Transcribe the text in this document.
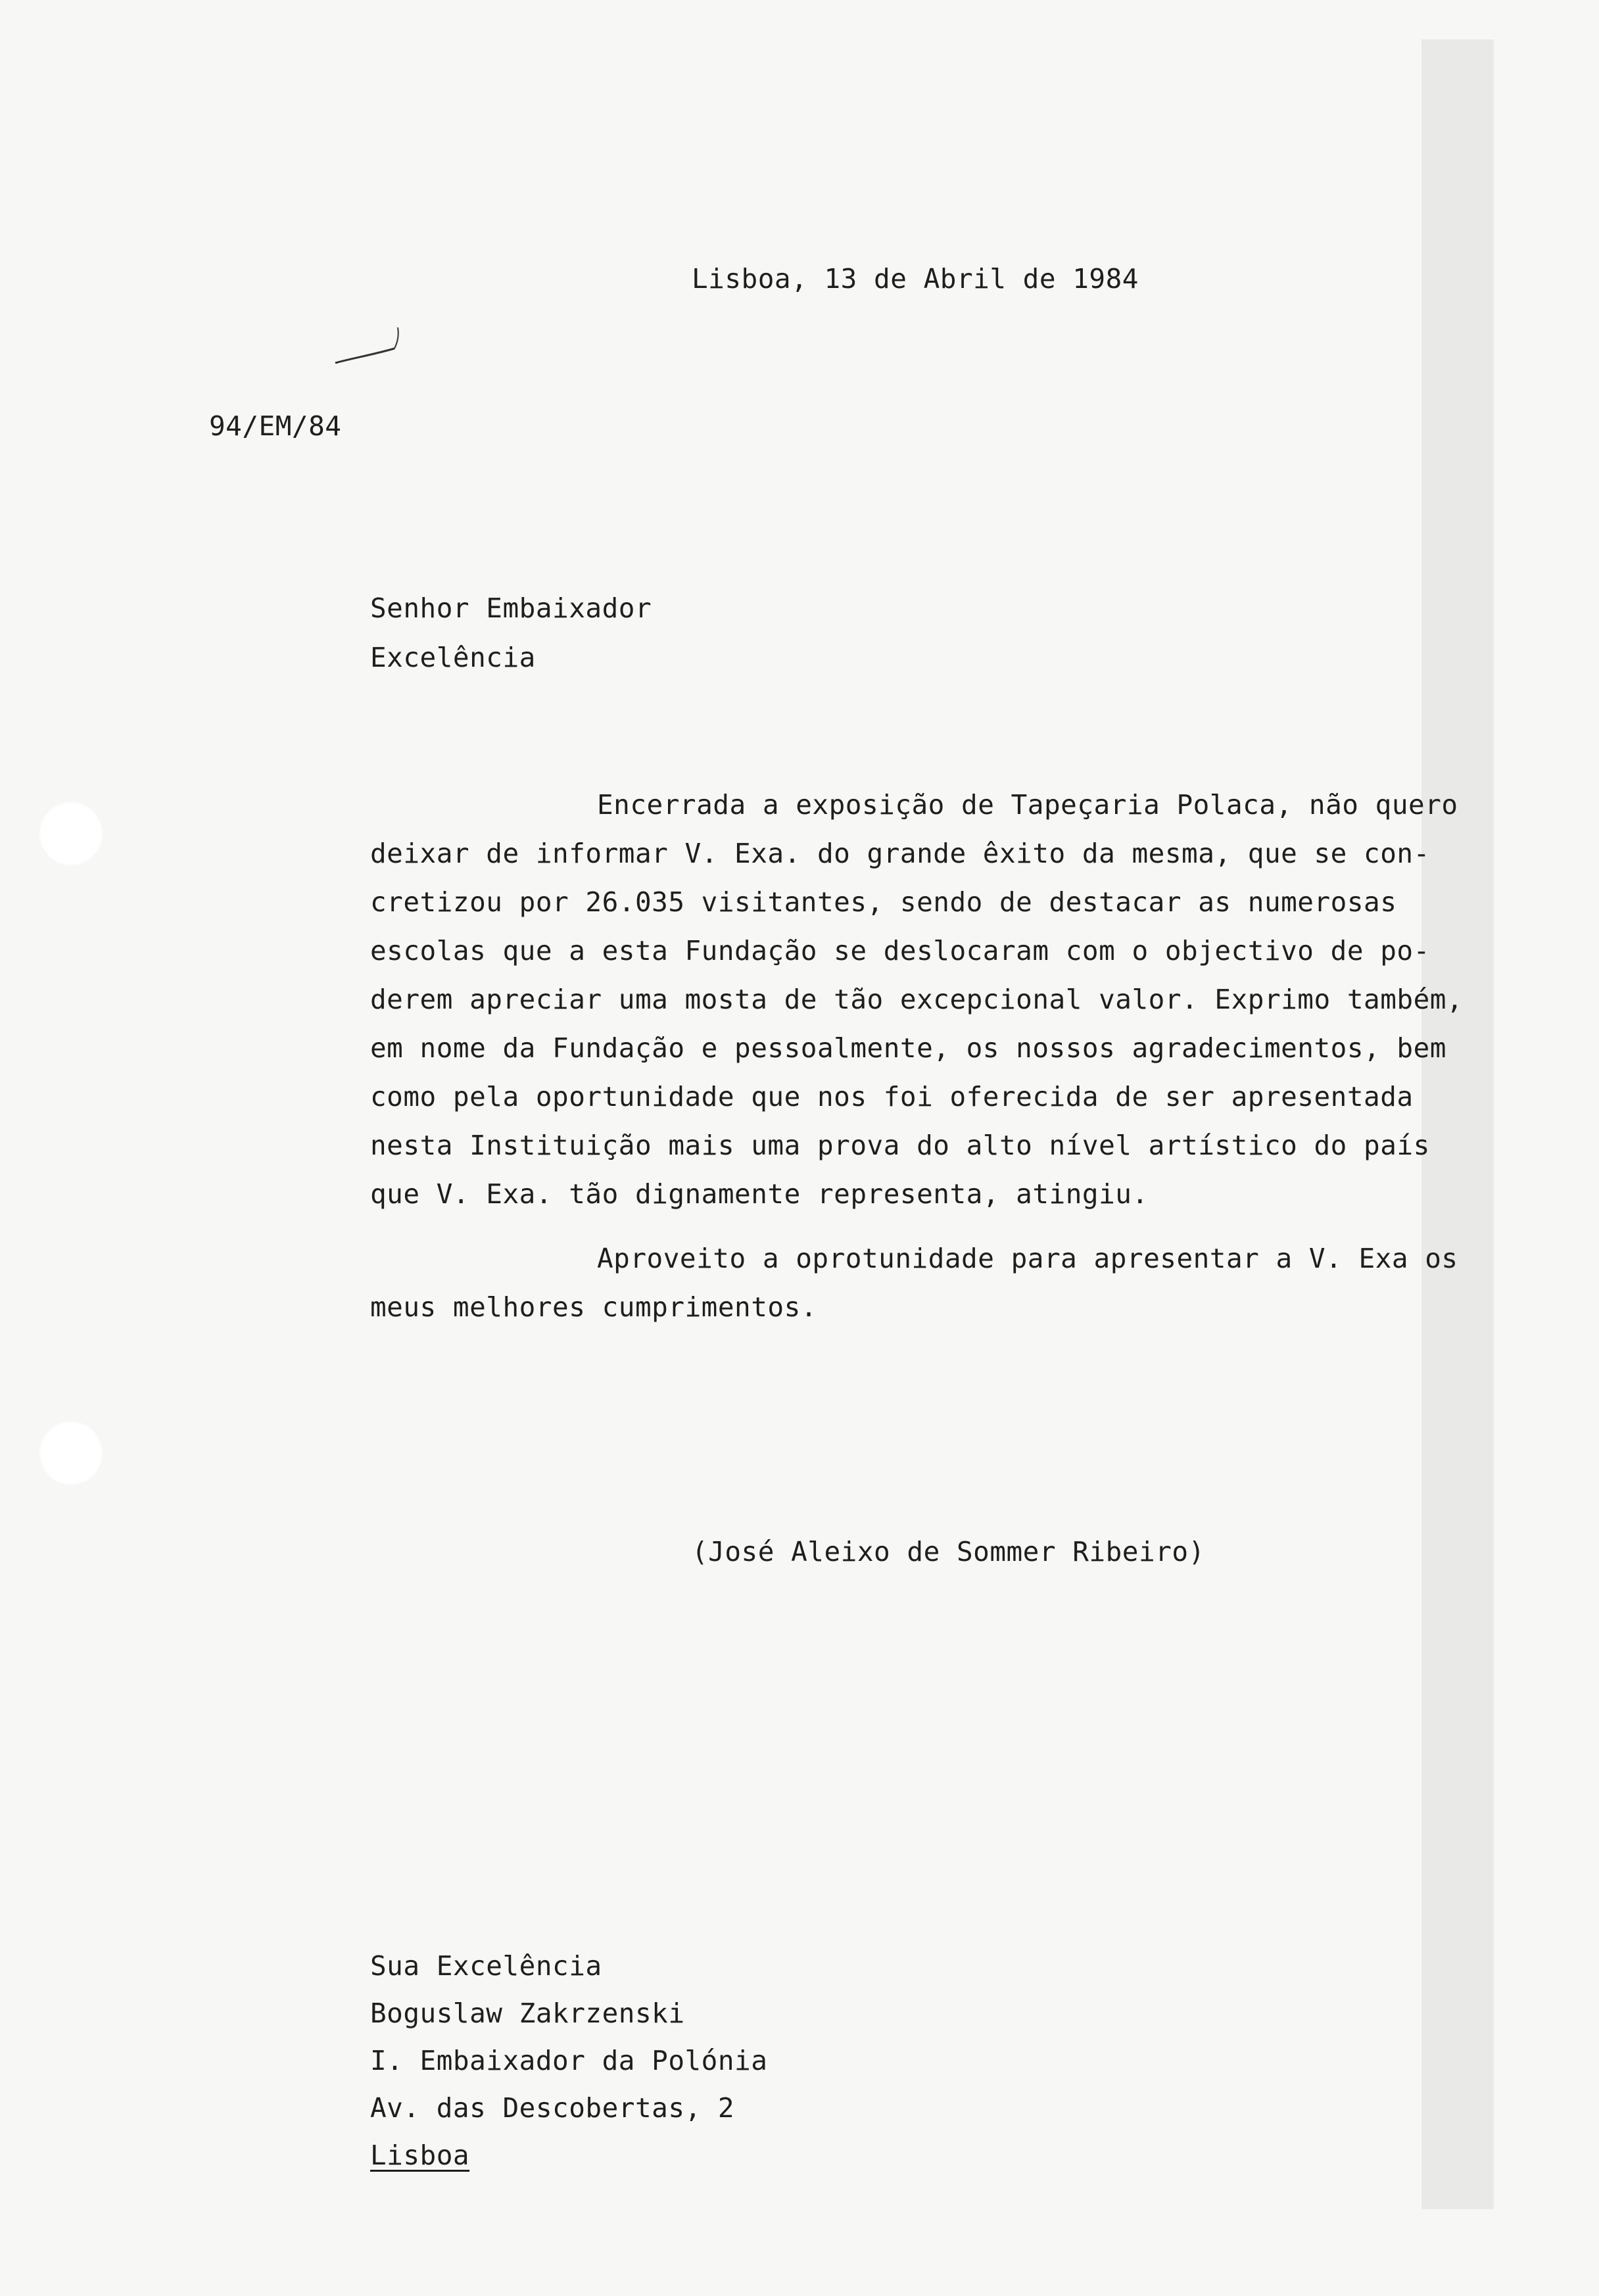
Lisboa, 13 de Abril de 1984
94/EM/84
Senhor Embaixador
Excelência
Encerrada a exposição de Tapeçaria Polaca, não quero
deixar de informar V. Exa. do grande êxito da mesma, que se con-
cretizou por 26.035 visitantes, sendo de destacar as numerosas
escolas que a esta Fundação se deslocaram com o objectivo de po-
derem apreciar uma mosta de tão excepcional valor. Exprimo também,
em nome da Fundação e pessoalmente, os nossos agradecimentos, bem
como pela oportunidade que nos foi oferecida de ser apresentada
nesta Instituição mais uma prova do alto nível artístico do país
que V. Exa. tão dignamente representa, atingiu.
Aproveito a oprotunidade para apresentar a V. Exa os
meus melhores cumprimentos.
(José Aleixo de Sommer Ribeiro)
Sua Excelência
Boguslaw Zakrzenski
I. Embaixador da Polónia
Av. das Descobertas, 2
Lisboa
